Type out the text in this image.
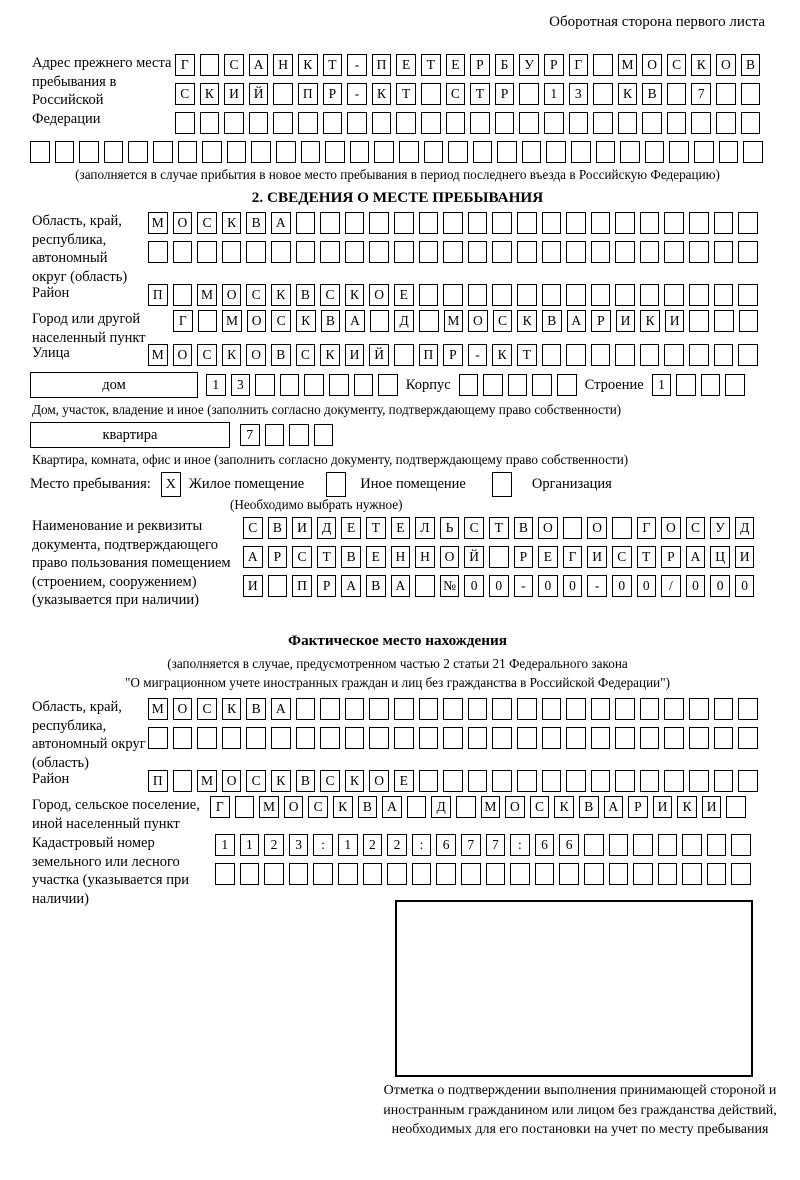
Оборотная сторона первого листа
Адрес прежнего места пребывания в Российской Федерации
Г	С	А	Н	К	Т	-	П	Е	Т	Е	Р	Б	У	Р	Г	М	О	С	К	О	В
С	К	И	Й	П	Р	-	К	Т	С	Т	Р	1	3	К	В	7
(заполняется в случае прибытия в новое место пребывания в период последнего въезда в Российскую Федерацию)
2. СВЕДЕНИЯ О МЕСТЕ ПРЕБЫВАНИЯ
Область, край, республика, автономный округ (область)
М	О	С	К	В	А
Район	П	М	О	С	К	В	С	К	О	Е
Город или другой населенный пункт
Г	М	О	С	К	В	А	Д	М	О	С	К	В	А	Р	И	К	И
Улица	М	О	С	К	О	В	С	К	И	Й	П	Р	-	К	Т
дом	1	3	Корпус	Строение	1
Дом, участок, владение и иное (заполнить согласно документу, подтверждающему право собственности)
квартира	7
Квартира, комната, офис и иное (заполнить согласно документу, подтверждающему право собственности)
Место пребывания:	X Жилое помещение	Иное помещение	Организация
(Необходимо выбрать нужное)
Наименование и реквизиты документа, подтверждающего право пользования помещением (строением, сооружением) (указывается при наличии)
С	В	И	Д	Е	Т	Е	Л	Ь	С	Т	В	О	О	Г	О	С	У	Д
А	Р	С	Т	В	Е	Н	Н	О	Й	Р	Е	Г	И	С	Т	Р	А	Ц	И
И	П	Р	А	В	А	№	0	0	-	0	0	-	0	0	/	0	0	0
Фактическое место нахождения
(заполняется в случае, предусмотренном частью 2 статьи 21 Федерального закона
"О миграционном учете иностранных граждан и лиц без гражданства в Российской Федерации")
Область, край, республика, автономный округ (область)
М	О	С	К	В	А
Район	П	М	О	С	К	В	С	К	О	Е
Город, сельское поселение, иной населенный пункт
Г	М	О	С	К	В	А	Д	М	О	С	К	В	А	Р	И	К	И
Кадастровый номер земельного или лесного участка (указывается при наличии)
1	1	2	3	:	1	2	2	:	6	7	7	:	6	6
Отметка о подтверждении выполнения принимающей стороной и иностранным гражданином или лицом без гражданства действий, необходимых для его постановки на учет по месту пребывания
